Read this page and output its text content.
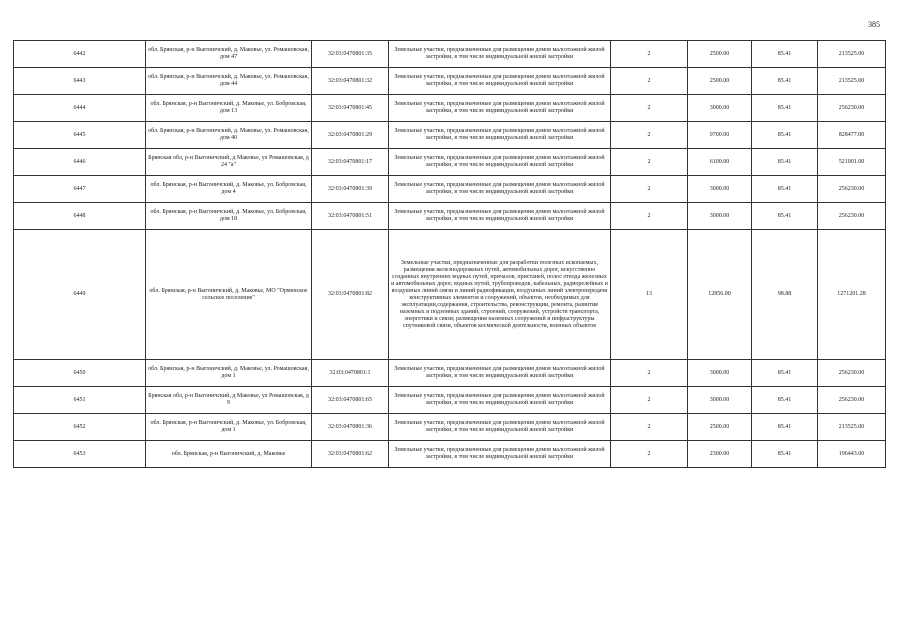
385
6442	обл. Брянская, р-н Выгоничский, д. Маковье, ул. Ромашовская, дом 47	32:03:0470801:35	Земельные участки, предназначенные для размещения домов малоэтажной жилой застройки, в том числе индивидуальной жилой застройки	2	2500.00	85.41	213525.00
6443	обл. Брянская, р-н Выгоничский, д. Маковье, ул. Ромашовская, дом 44	32:03:0470801:32	Земельные участки, предназначенные для размещения домов малоэтажной жилой застройки, в том числе индивидуальной жилой застройки	2	2500.00	85.41	213525.00
6444	обл. Брянская, р-н Выгоничский, д. Маковье, ул. Бобровская, дом 13	32:03:0470801:45	Земельные участки, предназначенные для размещения домов малоэтажной жилой застройки, в том числе индивидуальной жилой застройки	2	3000.00	85.41	256230.00
6445	обл. Брянская, р-н Выгоничский, д. Маковье, ул. Ромашовская, дом 40	32:03:0470801:29	Земельные участки, предназначенные для размещения домов малоэтажной жилой застройки, в том числе индивидуальной жилой застройки	2	9700.00	85.41	828477.00
6446	Брянская обл, р-н Выгоничский, д Маковье, ул Ромашовская, д 24 "а"	32:03:0470801:17	Земельные участки, предназначенные для размещения домов малоэтажной жилой застройки, в том числе индивидуальной жилой застройки	2	6100.00	85.41	521001.00
6447	обл. Брянская, р-н Выгоничский, д. Маковье, ул. Бобровская, дом 4	32:03:0470801:39	Земельные участки, предназначенные для размещения домов малоэтажной жилой застройки, в том числе индивидуальной жилой застройки	2	3000.00	85.41	256230.00
6448	обл. Брянская, р-н Выгоничский, д. Маковье, ул. Бобровская, дом 18	32:03:0470801:51	Земельные участки, предназначенные для размещения домов малоэтажной жилой застройки, в том числе индивидуальной жилой застройки	2	3000.00	85.41	256230.00
6449	обл. Брянская, р-н Выгоничский, д. Маковье, МО "Орменское сельское поселение"	32:03:0470801:82	Земельные участки, предназначенные для разработки полезных ископаемых, размещения железнодорожных путей, автомобильных дорог, искусственно созданных внутренних водных путей, причалов, пристаней, полос отвода железных и автомобильных дорог, водных путей, трубопроводов, кабельных, радиорелейных и воздушных линий связи и линий радиофикации, воздушных линий электропередачи конструктивных элементов и сооружений, объектов, необходимых для эксплуатации,содержания, строительства, реконструкции, ремонта, развития наземных и подземных зданий, строений, сооружений, устройств транспорта, энергетики и связи; размещения наземных сооружений и инфраструктуры спутниковой связи, объектов космической деятельности, военных объектов	13	12856.00	98.88	1271201.28
6450	обл. Брянская, р-н Выгоничский, д. Маковье, ул. Ромашовская, дом 1	32:03:0470801:1	Земельные участки, предназначенные для размещения домов малоэтажной жилой застройки, в том числе индивидуальной жилой застройки	2	3000.00	85.41	256230.00
6451	Брянская обл, р-н Выгоничский, д Маковье, ул Ромашовская, д 9	32:03:0470801:65	Земельные участки, предназначенные для размещения домов малоэтажной жилой застройки, в том числе индивидуальной жилой застройки	2	3000.00	85.41	256230.00
6452	обл. Брянская, р-н Выгоничский, д. Маковье, ул. Бобровская, дом 1	32:03:0470801:36	Земельные участки, предназначенные для размещения домов малоэтажной жилой застройки, в том числе индивидуальной жилой застройки	2	2500.00	85.41	213525.00
6453	обл. Брянская, р-н Выгоничский, д. Маковье	32:03:0470801:62	Земельные участки, предназначенные для размещения домов малоэтажной жилой застройки, в том числе индивидуальной жилой застройки	2	2300.00	85.41	196443.00
